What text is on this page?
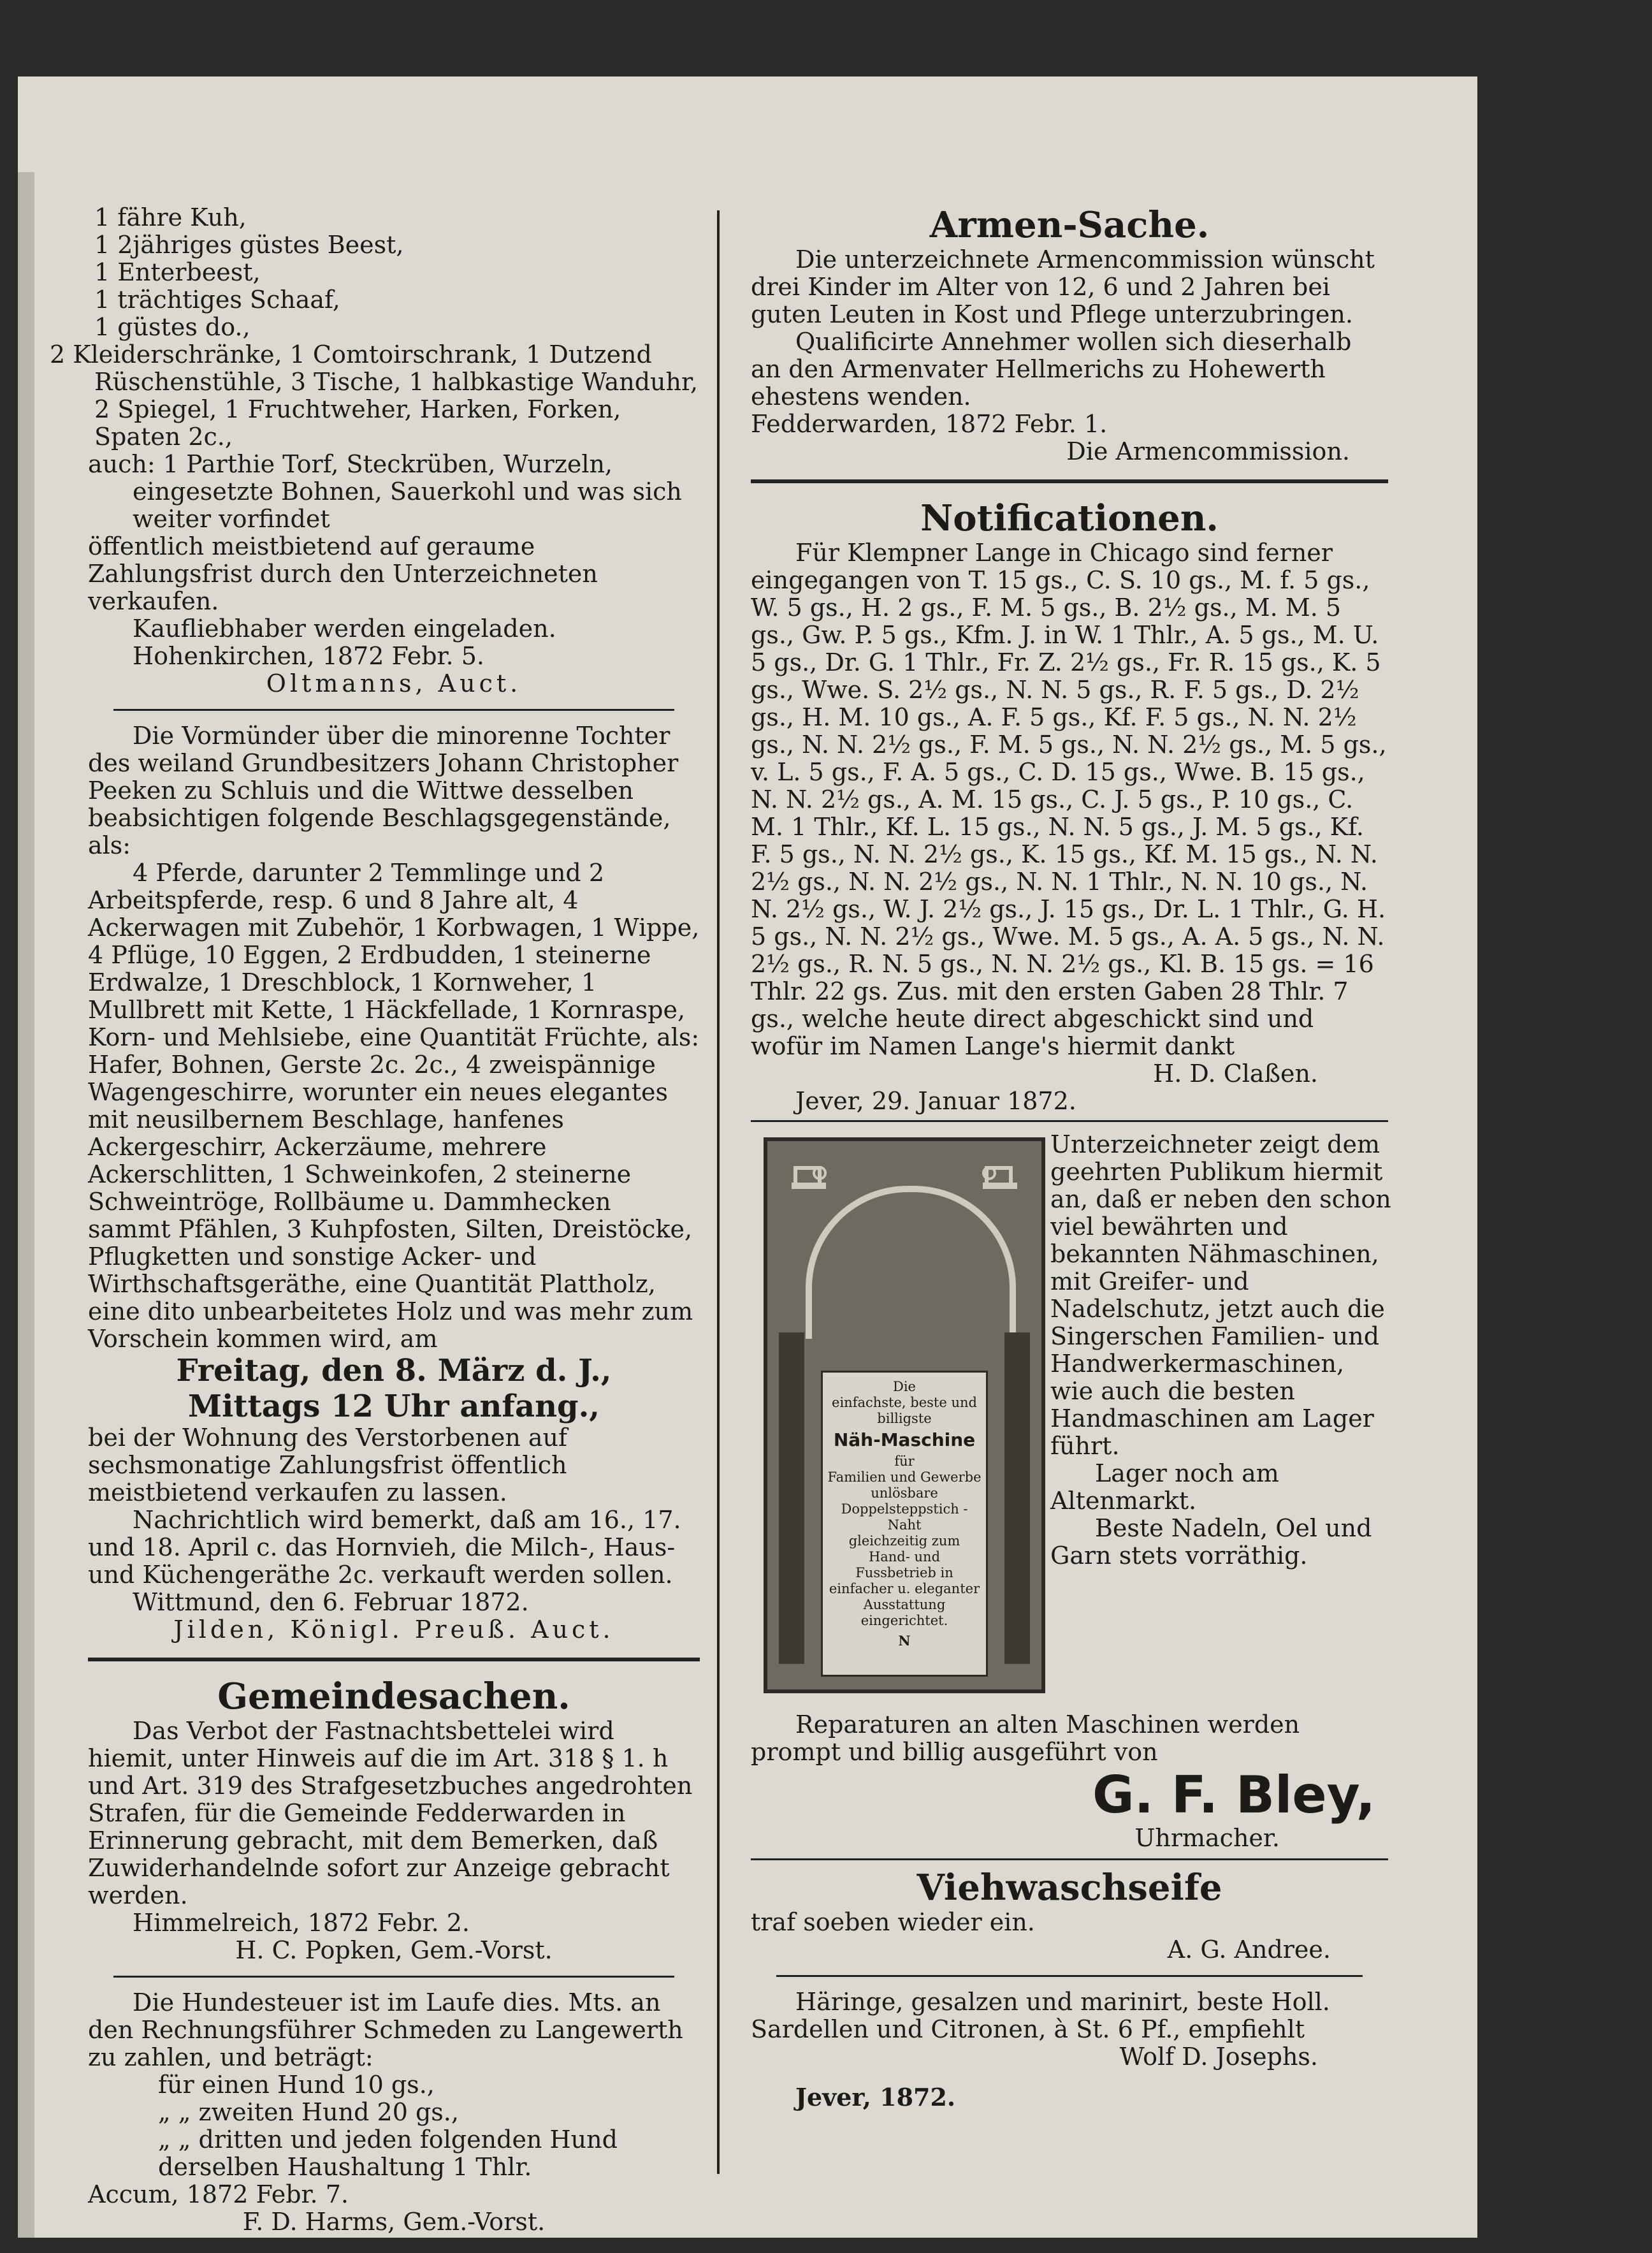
1 fähre Kuh,

1 2jähriges güstes Beest,

1 Enterbeest,

1 trächtiges Schaaf,

1 güstes do.,

2 Kleiderschränke, 1 Comtoirschrank, 1 Dutzend Rüschenstühle, 3 Tische, 1 halbkastige Wanduhr, 2 Spiegel, 1 Fruchtweher, Harken, Forken, Spaten 2c.,

auch: 1 Parthie Torf, Steckrüben, Wurzeln, eingesetzte Bohnen, Sauerkohl und was sich weiter vorfindet

öffentlich meistbietend auf geraume Zahlungsfrist durch den Unterzeichneten verkaufen.

Kaufliebhaber werden eingeladen.

Hohenkirchen, 1872 Febr. 5.

Oltmanns, Auct.

Die Vormünder über die minorenne Tochter des weiland Grundbesitzers Johann Christopher Peeken zu Schluis und die Wittwe desselben beabsichtigen folgende Beschlagsgegenstände, als:

4 Pferde, darunter 2 Temmlinge und 2 Arbeitspferde, resp. 6 und 8 Jahre alt, 4 Ackerwagen mit Zubehör, 1 Korbwagen, 1 Wippe, 4 Pflüge, 10 Eggen, 2 Erdbudden, 1 steinerne Erdwalze, 1 Dreschblock, 1 Kornweher, 1 Mullbrett mit Kette, 1 Häckfellade, 1 Kornraspe, Korn- und Mehlsiebe, eine Quantität Früchte, als: Hafer, Bohnen, Gerste 2c. 2c., 4 zweispännige Wagengeschirre, worunter ein neues elegantes mit neusilbernem Beschlage, hanfenes Ackergeschirr, Ackerzäume, mehrere Ackerschlitten, 1 Schweinkofen, 2 steinerne Schweintröge, Rollbäume u. Dammhecken sammt Pfählen, 3 Kuhpfosten, Silten, Dreistöcke, Pflugketten und sonstige Acker- und Wirthschaftsgeräthe, eine Quantität Plattholz, eine dito unbearbeitetes Holz und was mehr zum Vorschein kommen wird, am

Freitag, den 8. März d. J.,

Mittags 12 Uhr anfang.,

bei der Wohnung des Verstorbenen auf sechsmonatige Zahlungsfrist öffentlich meistbietend verkaufen zu lassen.

Nachrichtlich wird bemerkt, daß am 16., 17. und 18. April c. das Hornvieh, die Milch-, Haus- und Küchengeräthe 2c. verkauft werden sollen.

Wittmund, den 6. Februar 1872.

Jilden, Königl. Preuß. Auct.

Gemeindesachen.

Das Verbot der Fastnachtsbettelei wird hiemit, unter Hinweis auf die im Art. 318 § 1. h und Art. 319 des Strafgesetzbuches angedrohten Strafen, für die Gemeinde Fedderwarden in Erinnerung gebracht, mit dem Bemerken, daß Zuwiderhandelnde sofort zur Anzeige gebracht werden.

Himmelreich, 1872 Febr. 2.

H. C. Popken, Gem.-Vorst.

Die Hundesteuer ist im Laufe dies. Mts. an den Rechnungsführer Schmeden zu Langewerth zu zahlen, und beträgt:

für einen Hund 10 gs.,

„ „ zweiten Hund 20 gs.,

„ „ dritten und jeden folgenden Hund derselben Haushaltung 1 Thlr.

Accum, 1872 Febr. 7.

F. D. Harms, Gem.-Vorst.

Armen-Sache.

Die unterzeichnete Armencommission wünscht drei Kinder im Alter von 12, 6 und 2 Jahren bei guten Leuten in Kost und Pflege unterzubringen.

Qualificirte Annehmer wollen sich dieserhalb an den Armenvater Hellmerichs zu Hohewerth ehestens wenden.

Fedderwarden, 1872 Febr. 1.

Die Armencommission.

Notificationen.

Für Klempner Lange in Chicago sind ferner eingegangen von T. 15 gs., C. S. 10 gs., M. f. 5 gs., W. 5 gs., H. 2 gs., F. M. 5 gs., B. 2½ gs., M. M. 5 gs., Gw. P. 5 gs., Kfm. J. in W. 1 Thlr., A. 5 gs., M. U. 5 gs., Dr. G. 1 Thlr., Fr. Z. 2½ gs., Fr. R. 15 gs., K. 5 gs., Wwe. S. 2½ gs., N. N. 5 gs., R. F. 5 gs., D. 2½ gs., H. M. 10 gs., A. F. 5 gs., Kf. F. 5 gs., N. N. 2½ gs., N. N. 2½ gs., F. M. 5 gs., N. N. 2½ gs., M. 5 gs., v. L. 5 gs., F. A. 5 gs., C. D. 15 gs., Wwe. B. 15 gs., N. N. 2½ gs., A. M. 15 gs., C. J. 5 gs., P. 10 gs., C. M. 1 Thlr., Kf. L. 15 gs., N. N. 5 gs., J. M. 5 gs., Kf. F. 5 gs., N. N. 2½ gs., K. 15 gs., Kf. M. 15 gs., N. N. 2½ gs., N. N. 2½ gs., N. N. 1 Thlr., N. N. 10 gs., N. N. 2½ gs., W. J. 2½ gs., J. 15 gs., Dr. L. 1 Thlr., G. H. 5 gs., N. N. 2½ gs., Wwe. M. 5 gs., A. A. 5 gs., N. N. 2½ gs., R. N. 5 gs., N. N. 2½ gs., Kl. B. 15 gs. = 16 Thlr. 22 gs. Zus. mit den ersten Gaben 28 Thlr. 7 gs., welche heute direct abgeschickt sind und wofür im Namen Lange's hiermit dankt

H. D. Claßen.

Jever, 29. Januar 1872.

Die
einfachste, beste und billigste
Näh-Maschine
für
Familien und Gewerbe
unlösbare
Doppelsteppstich - Naht
gleichzeitig zum Hand- und Fussbetrieb in einfacher u. eleganter Ausstattung eingerichtet.
N

Unterzeichneter zeigt dem geehrten Publikum hiermit an, daß er neben den schon viel bewährten und bekannten Nähmaschinen, mit Greifer- und Nadelschutz, jetzt auch die Singerschen Familien- und Handwerkermaschinen, wie auch die besten Handmaschinen am Lager führt.

Lager noch am Altenmarkt.

Beste Nadeln, Oel und Garn stets vorräthig.

Reparaturen an alten Maschinen werden prompt und billig ausgeführt von

G. F. Bley,

Uhrmacher.

Viehwaschseife

traf soeben wieder ein.

A. G. Andree.

Häringe, gesalzen und marinirt, beste Holl. Sardellen und Citronen, à St. 6 Pf., empfiehlt

Wolf D. Josephs.

Jever, 1872.
